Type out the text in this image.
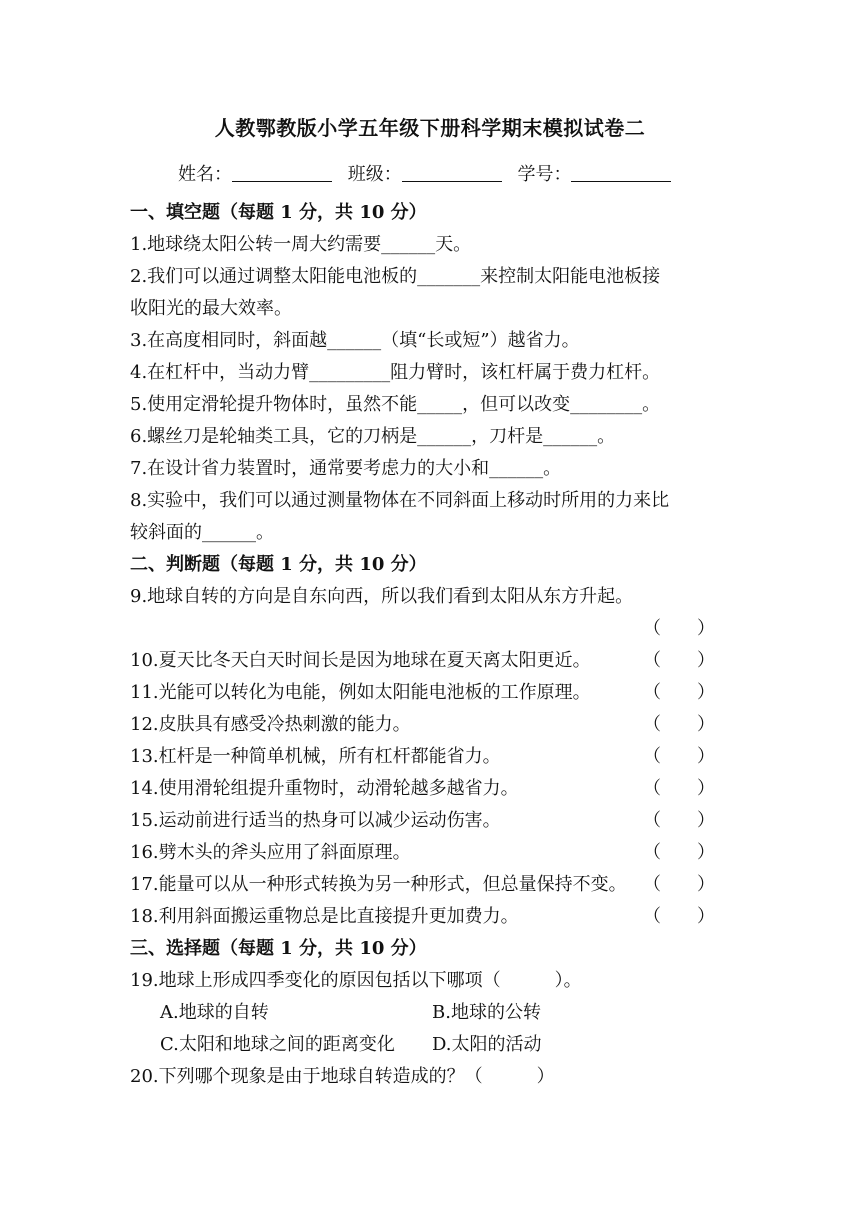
人教鄂教版小学五年级下册科学期末模拟试卷二
姓名：	班级：	学号：
一、填空题（每题 1 分，共 10 分）
1.地球绕太阳公转一周大约需要______天。
2.我们可以通过调整太阳能电池板的_______来控制太阳能电池板接
收阳光的最大效率。
3.在高度相同时，斜面越______（填“长或短”）越省力。
4.在杠杆中，当动力臂_________阻力臂时，该杠杆属于费力杠杆。
5.使用定滑轮提升物体时，虽然不能_____，但可以改变________。
6.螺丝刀是轮轴类工具，它的刀柄是______，刀杆是______。
7.在设计省力装置时，通常要考虑力的大小和______。
8.实验中，我们可以通过测量物体在不同斜面上移动时所用的力来比
较斜面的______。
二、判断题（每题 1 分，共 10 分）
9.地球自转的方向是自东向西，所以我们看到太阳从东方升起。
（　　）
10.夏天比冬天白天时间长是因为地球在夏天离太阳更近。	（　　）
11.光能可以转化为电能，例如太阳能电池板的工作原理。	（　　）
12.皮肤具有感受冷热刺激的能力。	（　　）
13.杠杆是一种简单机械，所有杠杆都能省力。	（　　）
14.使用滑轮组提升重物时，动滑轮越多越省力。	（　　）
15.运动前进行适当的热身可以减少运动伤害。	（　　）
16.劈木头的斧头应用了斜面原理。	（　　）
17.能量可以从一种形式转换为另一种形式，但总量保持不变。 （　　）
18.利用斜面搬运重物总是比直接提升更加费力。	（　　）
三、选择题（每题 1 分，共 10 分）
19.地球上形成四季变化的原因包括以下哪项（　　　）。
A.地球的自转	B.地球的公转
C.太阳和地球之间的距离变化 D.太阳的活动
20.下列哪个现象是由于地球自转造成的？（　　　）
